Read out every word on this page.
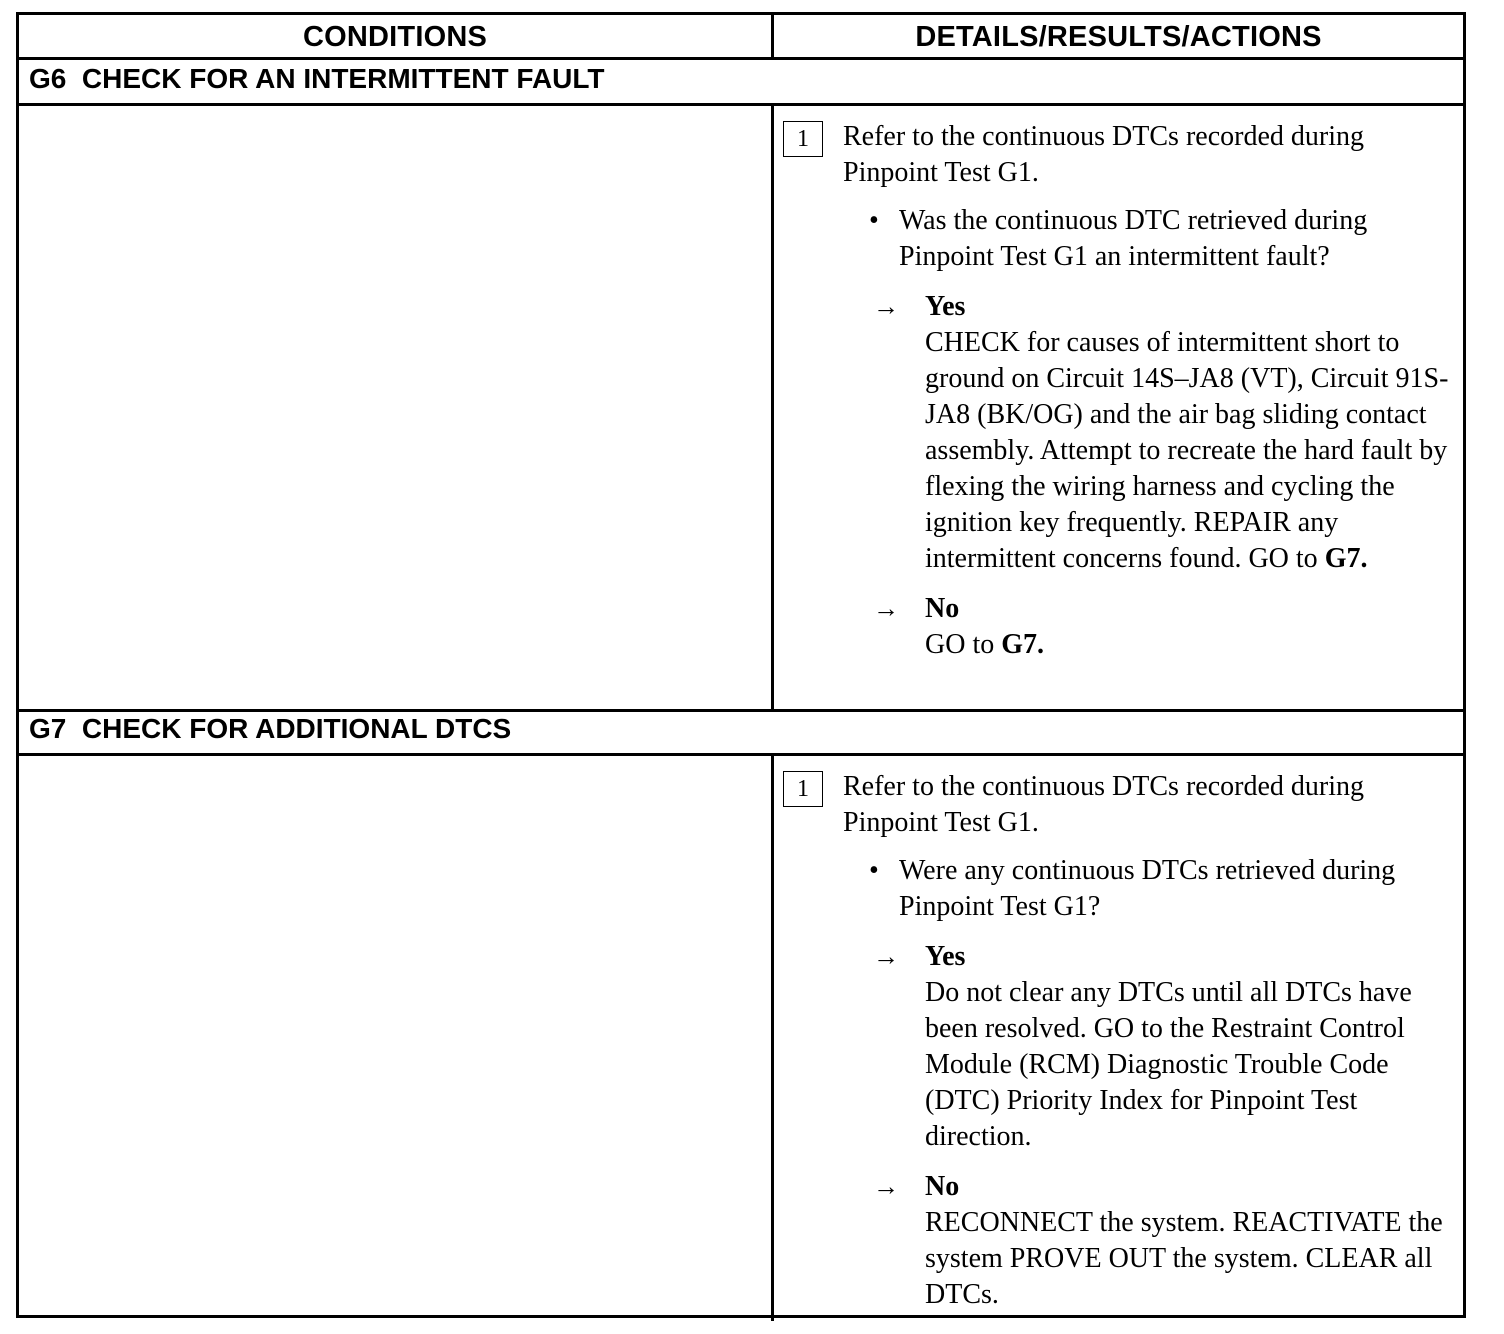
CONDITIONS	DETAILS/RESULTS/ACTIONS
G6  CHECK FOR AN INTERMITTENT FAULT
1	Refer to the continuous DTCs recorded during Pinpoint Test G1.
• Was the continuous DTC retrieved during Pinpoint Test G1 an intermittent fault?
→ Yes
CHECK for causes of intermittent short to ground on Circuit 14S–JA8 (VT), Circuit 91S-JA8 (BK/OG) and the air bag sliding contact assembly. Attempt to recreate the hard fault by flexing the wiring harness and cycling the ignition key frequently. REPAIR any intermittent concerns found. GO to G7.
→ No
GO to G7.
G7  CHECK FOR ADDITIONAL DTCS
1	Refer to the continuous DTCs recorded during Pinpoint Test G1.
• Were any continuous DTCs retrieved during Pinpoint Test G1?
→ Yes
Do not clear any DTCs until all DTCs have been resolved. GO to the Restraint Control Module (RCM) Diagnostic Trouble Code (DTC) Priority Index for Pinpoint Test direction.
→ No
RECONNECT the system. REACTIVATE the system PROVE OUT the system. CLEAR all DTCs.
